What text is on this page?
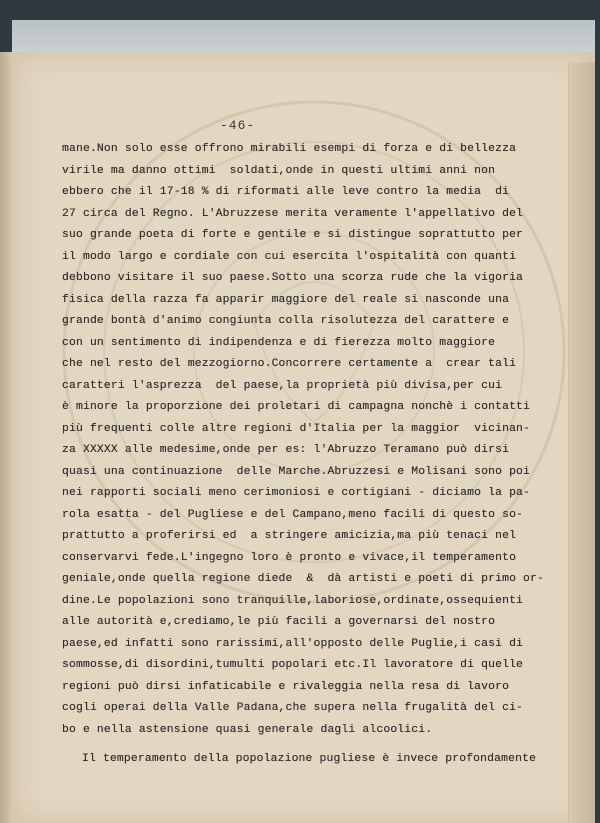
-46-
mane.Non solo esse offrono mirabili esempi di forza e di bellezza
virile ma danno ottimi  soldati,onde in questi ultimi anni non
ebbero che il 17-18 % di riformati alle leve contro la media  di
27 circa del Regno. L'Abruzzese merita veramente l'appellativo del
suo grande poeta di forte e gentile e si distingue soprattutto per
il modo largo e cordiale con cui esercita l'ospitalità con quanti
debbono visitare il suo paese.Sotto una scorza rude che la vigoria
fisica della razza fa apparir maggiore del reale si nasconde una
grande bontà d'animo congiunta colla risolutezza del carattere e
con un sentimento di indipendenza e di fierezza molto maggiore
che nel resto del mezzogiorno.Concorrere certamente a  crear tali
caratteri l'asprezza  del paese,la proprietà più divisa,per cui
è minore la proporzione dei proletari di campagna nonchè i contatti
più frequenti colle altre regioni d'Italia per la maggior  vicinan-
za XXXXX alle medesime,onde per es: l'Abruzzo Teramano può dirsi
quasi una continuazione  delle Marche.Abruzzesi e Molisani sono poi
nei rapporti sociali meno cerimoniosi e cortigiani - diciamo la pa-
rola esatta - del Pugliese e del Campano,meno facili di questo so-
prattutto a proferirsi ed  a stringere amicizia,ma più tenaci nel
conservarvi fede.L'ingegno loro è pronto e vivace,il temperamento
geniale,onde quella regione diede  &  dà artisti e poeti di primo or-
dine.Le popolazioni sono tranquille,laboriose,ordinate,ossequienti
alle autorità e,crediamo,le più facili a governarsi del nostro
paese,ed infatti sono rarissimi,all'opposto delle Puglie,i casi di
sommosse,di disordini,tumulti popolari etc.Il lavoratore di quelle
regioni può dirsi infaticabile e rivaleggia nella resa di lavoro
cogli operai della Valle Padana,che supera nella frugalità del ci-
bo e nella astensione quasi generale dagli alcoolici.
Il temperamento della popolazione pugliese è invece profondamente
